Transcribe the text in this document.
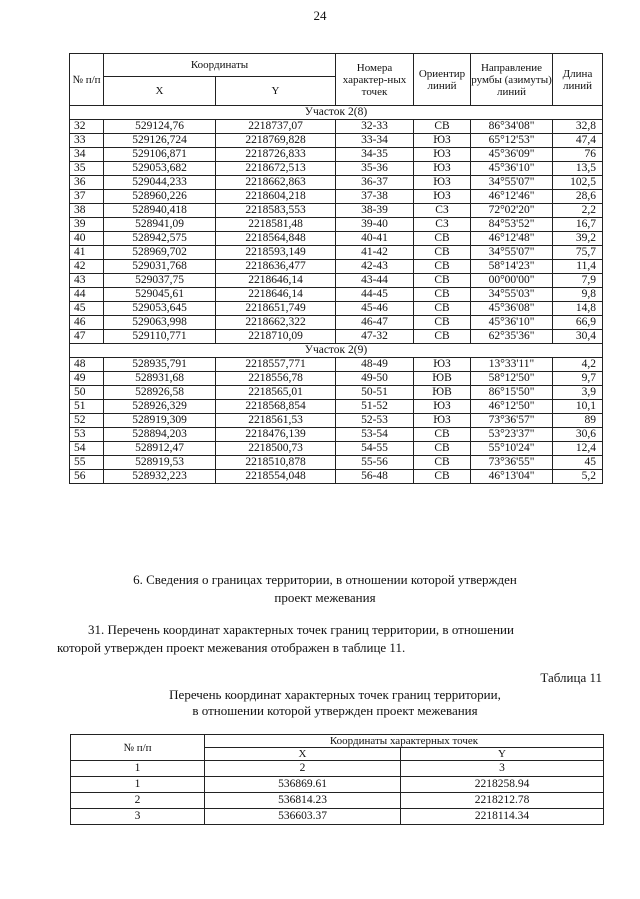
24
№ п/п	Координаты		Номера характер-ных точек	Ориентир линий	Направление румбы (азимуты) линий	Длина линий
	X	Y				
Участок 2(8)						
32	529124,76	2218737,07	32-33	СВ	86°34'08"	32,8
33	529126,724	2218769,828	33-34	ЮЗ	65°12'53"	47,4
34	529106,871	2218726,833	34-35	ЮЗ	45°36'09"	76
35	529053,682	2218672,513	35-36	ЮЗ	45°36'10"	13,5
36	529044,233	2218662,863	36-37	ЮЗ	34°55'07"	102,5
37	528960,226	2218604,218	37-38	ЮЗ	46°12'46"	28,6
38	528940,418	2218583,553	38-39	СЗ	72°02'20"	2,2
39	528941,09	2218581,48	39-40	СЗ	84°53'52"	16,7
40	528942,575	2218564,848	40-41	СВ	46°12'48"	39,2
41	528969,702	2218593,149	41-42	СВ	34°55'07"	75,7
42	529031,768	2218636,477	42-43	СВ	58°14'23"	11,4
43	529037,75	2218646,14	43-44	СВ	00°00'00"	7,9
44	529045,61	2218646,14	44-45	СВ	34°55'03"	9,8
45	529053,645	2218651,749	45-46	СВ	45°36'08"	14,8
46	529063,998	2218662,322	46-47	СВ	45°36'10"	66,9
47	529110,771	2218710,09	47-32	СВ	62°35'36"	30,4
Участок 2(9)						
48	528935,791	2218557,771	48-49	ЮЗ	13°33'11"	4,2
49	528931,68	2218556,78	49-50	ЮВ	58°12'50"	9,7
50	528926,58	2218565,01	50-51	ЮВ	86°15'50"	3,9
51	528926,329	2218568,854	51-52	ЮЗ	46°12'50"	10,1
52	528919,309	2218561,53	52-53	ЮЗ	73°36'57"	89
53	528894,203	2218476,139	53-54	СВ	53°23'37"	30,6
54	528912,47	2218500,73	54-55	СВ	55°10'24"	12,4
55	528919,53	2218510,878	55-56	СВ	73°36'55"	45
56	528932,223	2218554,048	56-48	СВ	46°13'04"	5,2
6. Сведения о границах территории, в отношении которой утвержден
проект межевания
31. Перечень координат характерных точек границ территории, в отношении
которой утвержден проект межевания отображен в таблице 11.
Таблица 11
Перечень координат характерных точек границ территории,
в отношении которой утвержден проект межевания
№ п/п	Координаты характерных точек	
	X	Y
1	2	3
1	536869.61	2218258.94
2	536814.23	2218212.78
3	536603.37	2218114.34
